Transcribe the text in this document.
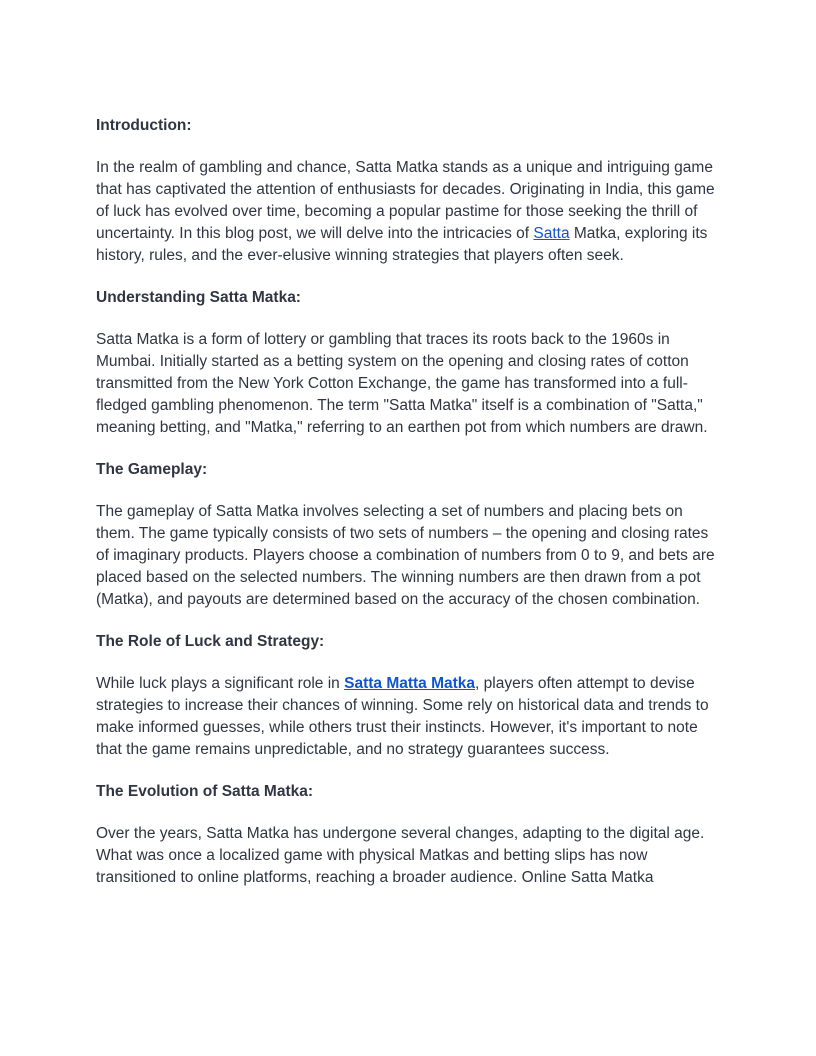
Introduction:

In the realm of gambling and chance, Satta Matka stands as a unique and intriguing game that has captivated the attention of enthusiasts for decades. Originating in India, this game of luck has evolved over time, becoming a popular pastime for those seeking the thrill of uncertainty. In this blog post, we will delve into the intricacies of Satta Matka, exploring its history, rules, and the ever-elusive winning strategies that players often seek.

Understanding Satta Matka:

Satta Matka is a form of lottery or gambling that traces its roots back to the 1960s in Mumbai. Initially started as a betting system on the opening and closing rates of cotton transmitted from the New York Cotton Exchange, the game has transformed into a full-fledged gambling phenomenon. The term "Satta Matka" itself is a combination of "Satta," meaning betting, and "Matka," referring to an earthen pot from which numbers are drawn.

The Gameplay:

The gameplay of Satta Matka involves selecting a set of numbers and placing bets on them. The game typically consists of two sets of numbers – the opening and closing rates of imaginary products. Players choose a combination of numbers from 0 to 9, and bets are placed based on the selected numbers. The winning numbers are then drawn from a pot (Matka), and payouts are determined based on the accuracy of the chosen combination.

The Role of Luck and Strategy:

While luck plays a significant role in Satta Matta Matka, players often attempt to devise strategies to increase their chances of winning. Some rely on historical data and trends to make informed guesses, while others trust their instincts. However, it's important to note that the game remains unpredictable, and no strategy guarantees success.

The Evolution of Satta Matka:

Over the years, Satta Matka has undergone several changes, adapting to the digital age. What was once a localized game with physical Matkas and betting slips has now transitioned to online platforms, reaching a broader audience. Online Satta Matka
